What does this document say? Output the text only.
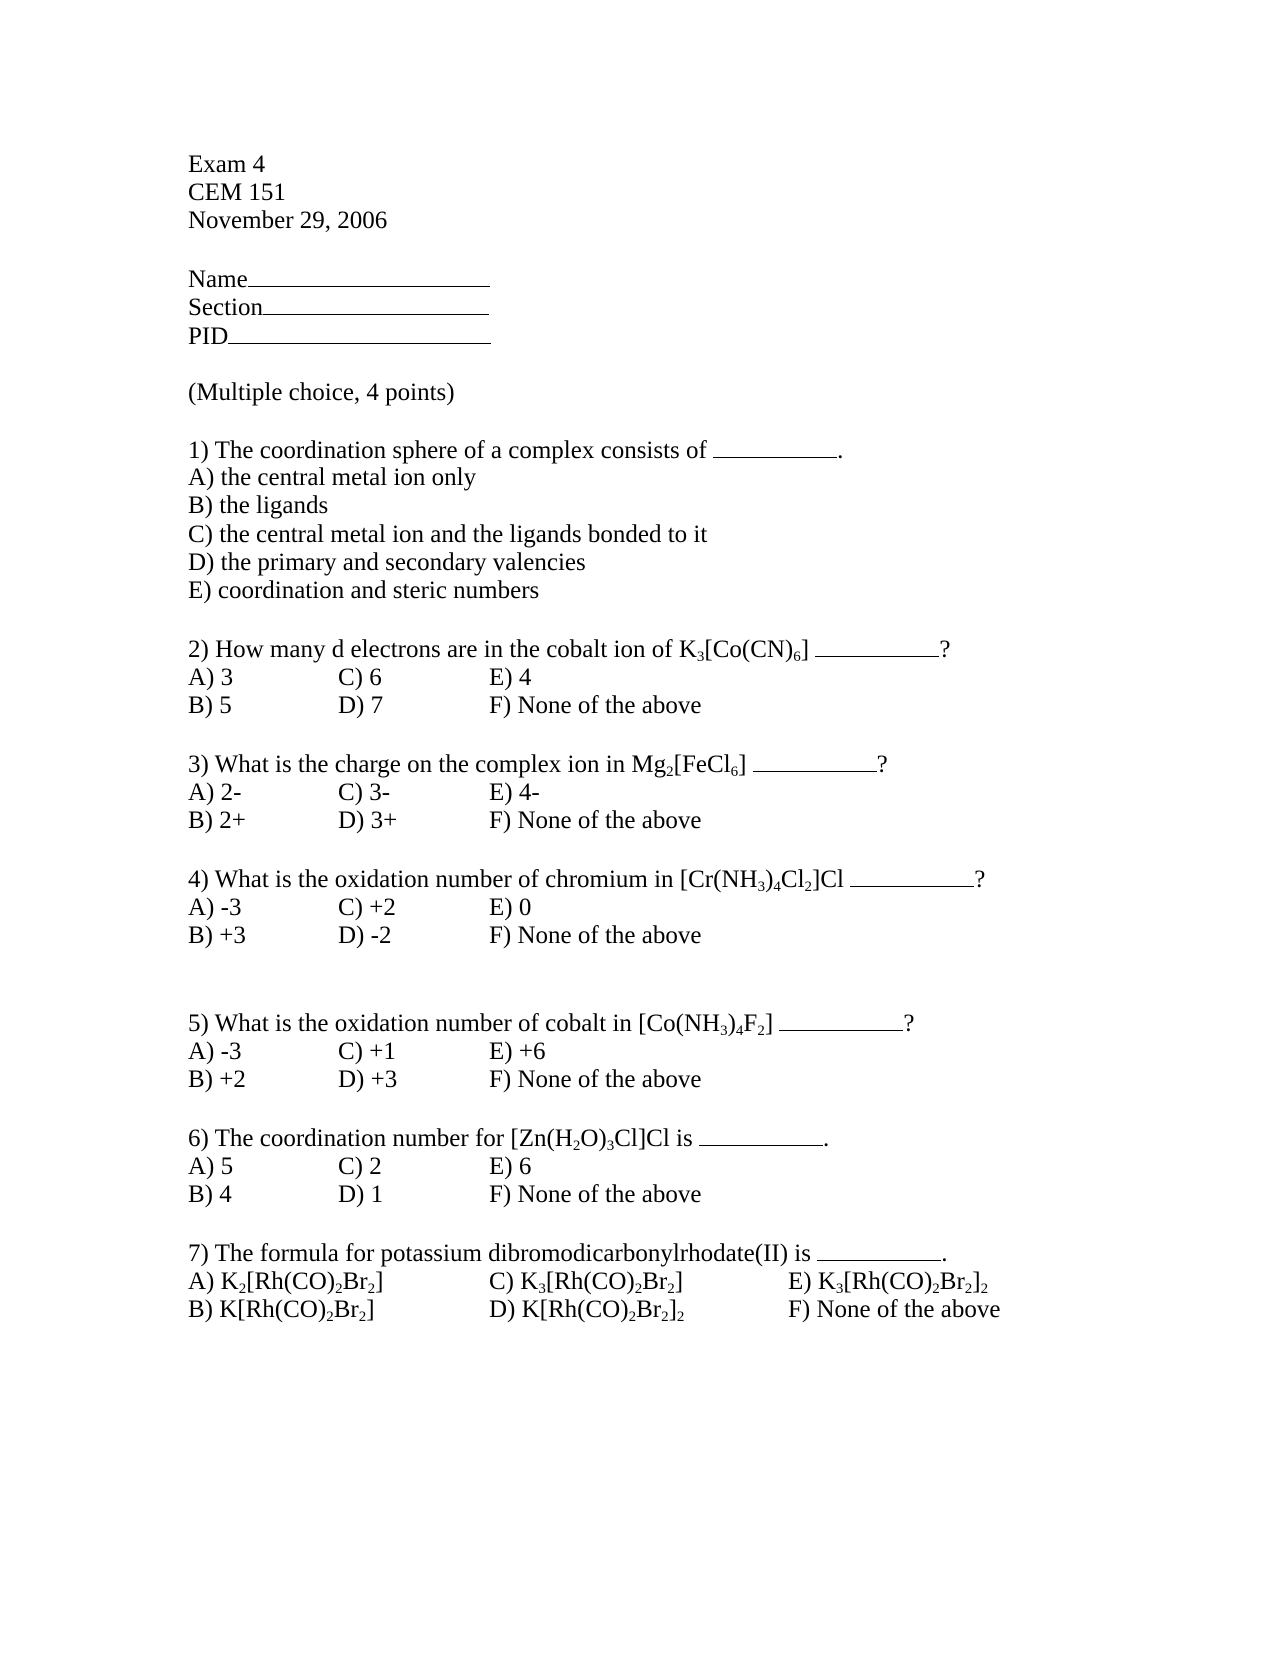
Exam 4
CEM 151
November 29, 2006
Name
Section
PID
(Multiple choice, 4 points)
1) The coordination sphere of a complex consists of	.
A) the central metal ion only
B) the ligands
C) the central metal ion and the ligands bonded to it
D) the primary and secondary valencies
E) coordination and steric numbers
2) How many d electrons are in the cobalt ion of $K_3[Co(CN)_6]$	?
A) 3	C) 6	E) 4
B) 5	D) 7	F) None of the above
3) What is the charge on the complex ion in $Mg_2[FeCl_6]$	?
A) 2-	C) 3-	E) 4-
B) 2+	D) 3+	F) None of the above
4) What is the oxidation number of chromium in $[Cr(NH_3)_4Cl_2]Cl$	?
A) -3	C) +2	E) 0
B) +3	D) -2	F) None of the above
5) What is the oxidation number of cobalt in $[Co(NH_3)_4F_2]$	?
A) -3	C) +1	E) +6
B) +2	D) +3	F) None of the above
6) The coordination number for $[Zn(H_2O)_3Cl]Cl$ is	.
A) 5	C) 2	E) 6
B) 4	D) 1	F) None of the above
7) The formula for potassium dibromodicarbonylrhodate(II) is	.
A) $K_2[Rh(CO)_2Br_2]$	C) $K_3[Rh(CO)_2Br_2]$	E) $K_3[Rh(CO)_2Br_2]_2$
B) $K[Rh(CO)_2Br_2]$	D) $K[Rh(CO)_2Br_2]_2$	F) None of the above
